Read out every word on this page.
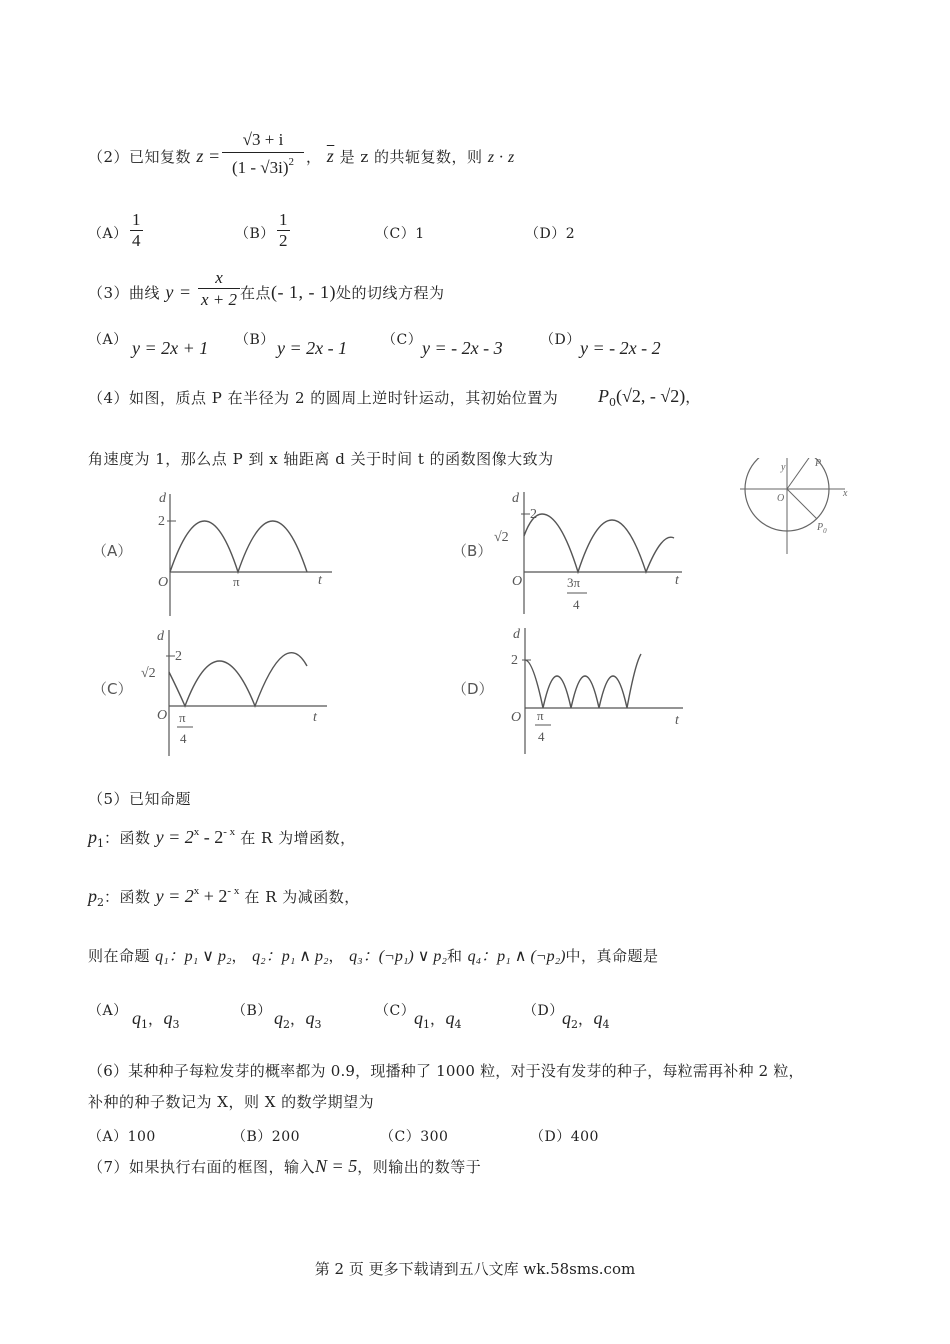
（2）已知复数 z =
√3 + i
(1 - √3i)$^2$ ， $\overline{z}$ 是 z 的共轭复数，则 z · z
$(A) \frac{1}{4}$	$(B) \frac{1}{2}$	（C）1	（D）2
（3）曲线 $y = \frac{x}{x + 2}$ 在点(- 1, - 1)处的切线方程为
（A） y = 2x + 1 （B） y = 2x - 1 （C） y = - 2x - 3	（D） y = - 2x - 2
（4）如图，质点 P 在半径为 2 的圆周上逆时针运动，其初始位置为 $P_0(√2$, - √2)，
角速度为 1，那么点 P 到 x 轴距离 d 关于时间 t 的函数图像大致为	y
x
O
P
$P_0$
（A）
d
2
O	π	t
（B）
d
2
√2
O	3π
4
t
（C）
d
2
√2
O π
4
t
（D）
d
2
O π
4
t
（5）已知命题
$p_1$：函数 $y = 2^x - 2^{- x}$ 在 R 为增函数，
$p_2$：函数 $y = 2^x + 2^{- x}$ 在 R 为减函数，
则在命题 q₁：p₁ ∨ p₂， q₂：p₁ ∧ p₂， q₃：(¬p₁) ∨ p₂和 q₄：p₁ ∧ (¬p₂)中，真命题是
（A） $q_1$，$q_3$
（B） $q_2$，$q_3$
（C）
$q_1$，$q_4$
（D）
$q_2$，$q_4$
（6）某种种子每粒发芽的概率都为 0.9，现播种了 1000 粒，对于没有发芽的种子，每粒需再补种 2 粒，
补种的种子数记为 X，则 X 的数学期望为
（A）100	（B）200	（C）300	（D）400
（7）如果执行右面的框图，输入N = 5，则输出的数等于
第 2 页 更多下载请到五八文库 wk.58sms.com
